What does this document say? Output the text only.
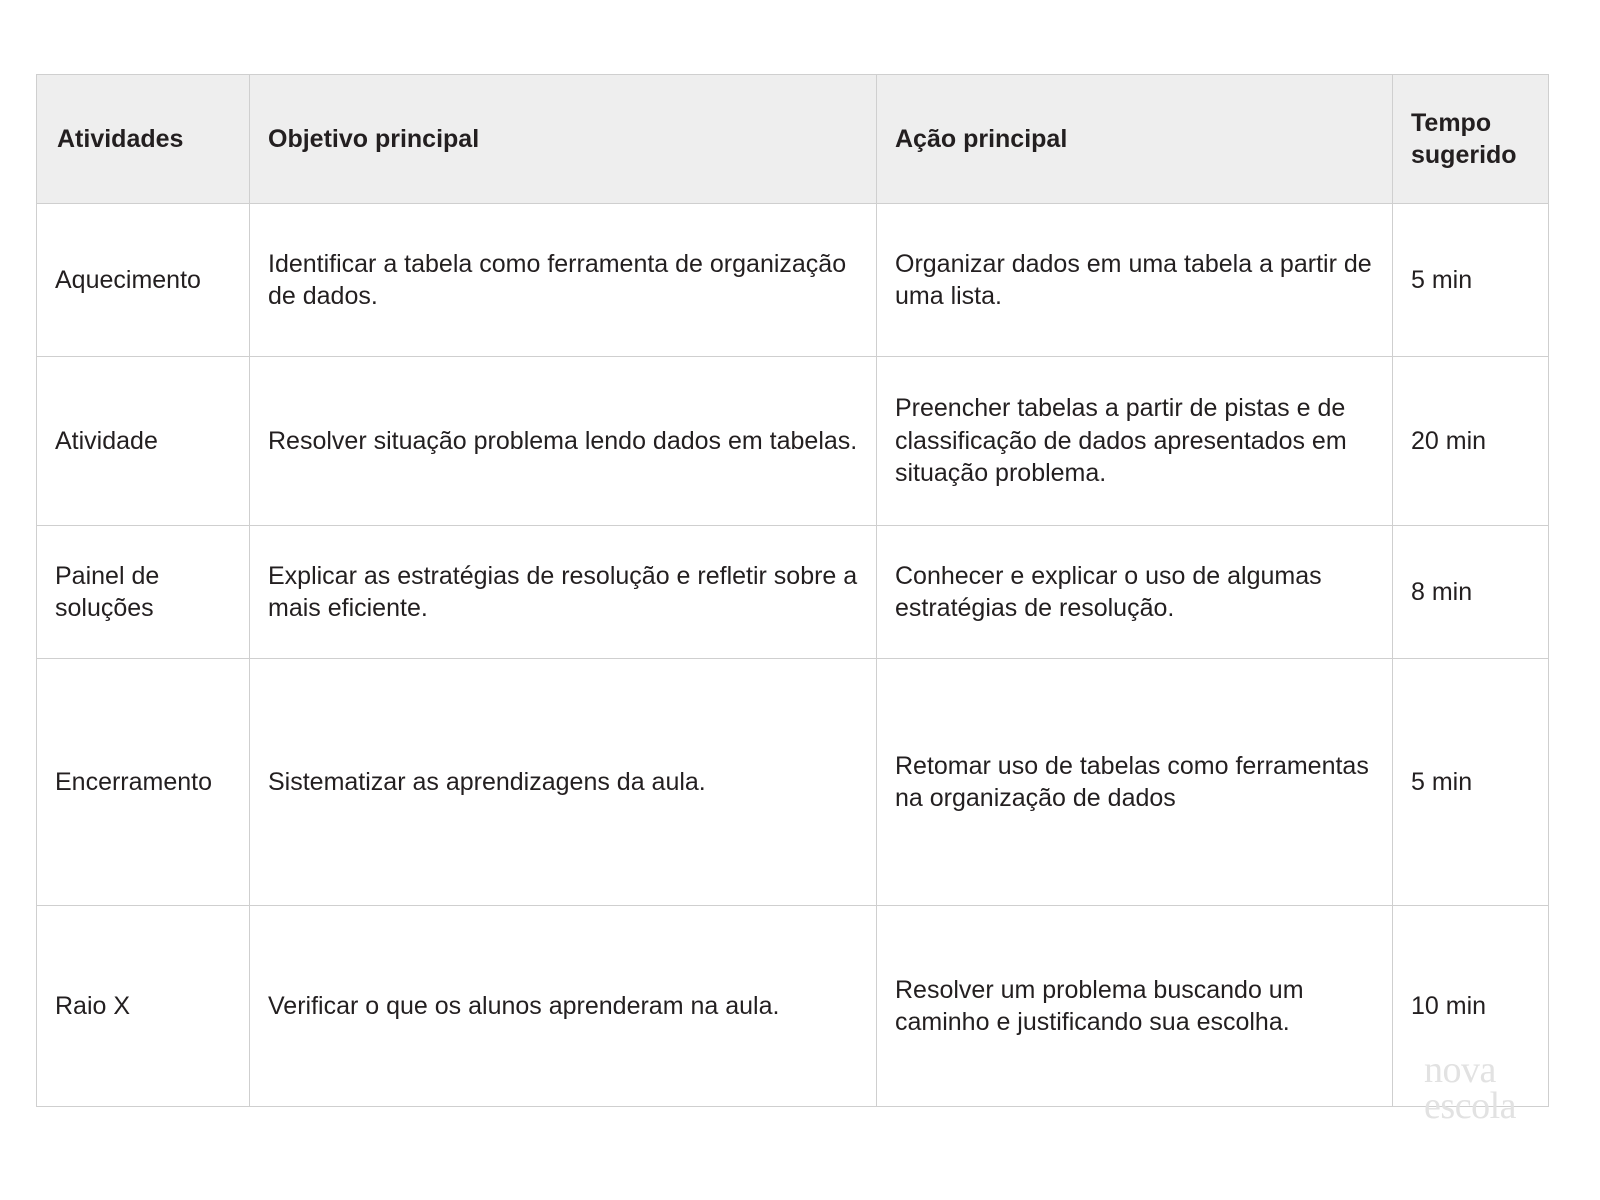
Atividades	Objetivo principal	Ação principal	Tempo sugerido
Aquecimento	Identificar a tabela como ferramenta de organização de dados.	Organizar dados em uma tabela a partir de uma lista.	5 min
Atividade	Resolver situação problema lendo dados em tabelas.	Preencher tabelas a partir de pistas e de classificação de dados apresentados em situação problema.	20 min
Painel de soluções	Explicar as estratégias de resolução e refletir sobre a mais eficiente.	Conhecer e explicar o uso de algumas estratégias de resolução.	8 min
Encerramento	Sistematizar as aprendizagens da aula.	Retomar uso de tabelas como ferramentas na organização de dados	5 min
Raio X	Verificar o que os alunos aprenderam na aula.	Resolver um problema buscando um caminho e justificando sua escolha.	10 min
nova
escola
